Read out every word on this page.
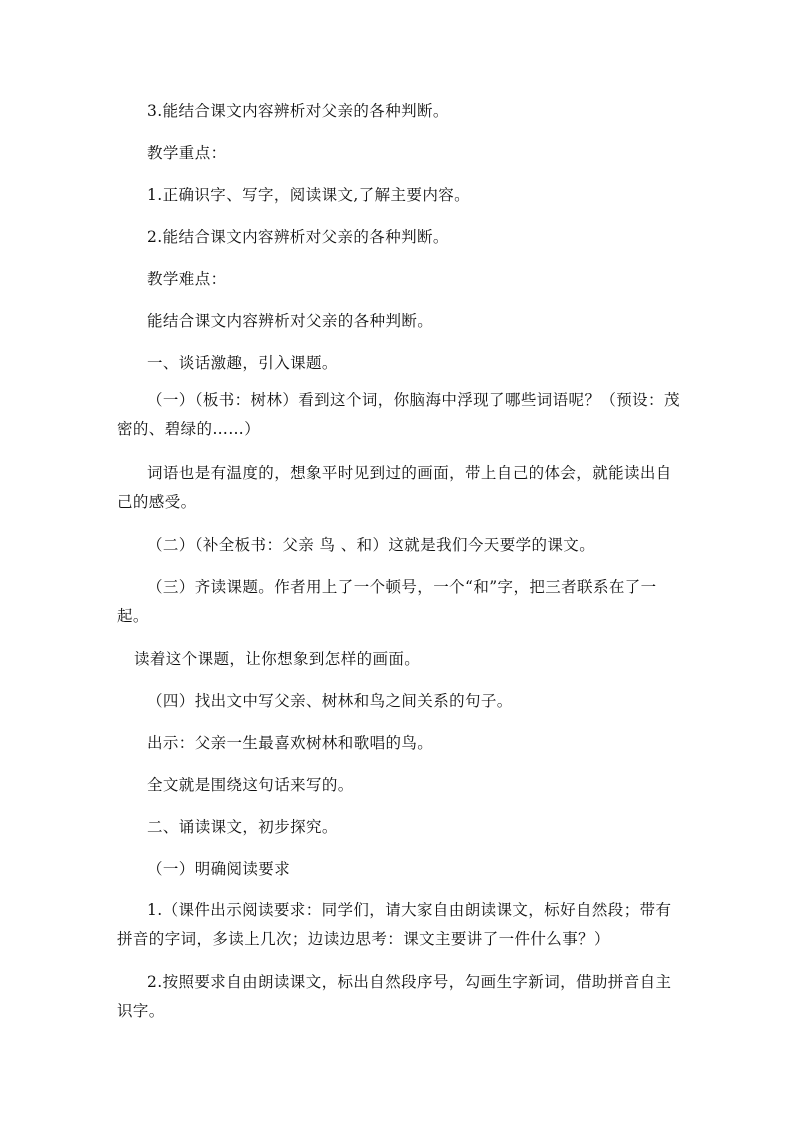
3.能结合课文内容辨析对父亲的各种判断。

教学重点：

1.正确识字、写字，阅读课文,了解主要内容。

2.能结合课文内容辨析对父亲的各种判断。

教学难点：

能结合课文内容辨析对父亲的各种判断。

一、谈话激趣，引入课题。

（一）（板书：树林）看到这个词，你脑海中浮现了哪些词语呢？（预设：茂密的、碧绿的……）

词语也是有温度的，想象平时见到过的画面，带上自己的体会，就能读出自己的感受。

（二）（补全板书：父亲 鸟 、和）这就是我们今天要学的课文。

（三）齐读课题。作者用上了一个顿号，一个“和”字，把三者联系在了一起。

读着这个课题，让你想象到怎样的画面。

（四）找出文中写父亲、树林和鸟之间关系的句子。

出示：父亲一生最喜欢树林和歌唱的鸟。

全文就是围绕这句话来写的。

二、诵读课文，初步探究。

（一）明确阅读要求

1.（课件出示阅读要求：同学们，请大家自由朗读课文，标好自然段；带有拼音的字词，多读上几次；边读边思考：课文主要讲了一件什么事？）

2.按照要求自由朗读课文，标出自然段序号，勾画生字新词，借助拼音自主识字。
